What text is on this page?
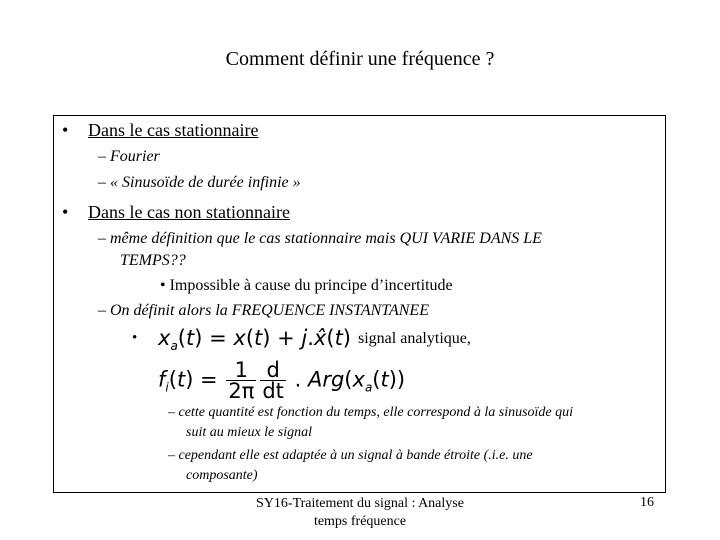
Comment définir une fréquence ?
• Dans le cas stationnaire
– Fourier
– « Sinusoïde de durée infinie »
• Dans le cas non stationnaire
– même définition que le cas stationnaire mais QUI VARIE DANS LE
TEMPS??
• Impossible à cause du principe d’incertitude
– On définit alors la FREQUENCE INSTANTANEE
• $x_a(t) = x(t)$ + j.x̂(t) signal analytique,
$f_i(t) = \frac{1}{2\pi} \frac{d}{dt}$ . $Arg(x_a(t))$
– cette quantité est fonction du temps, elle correspond à la sinusoïde qui
suit au mieux le signal
– cependant elle est adaptée à un signal à bande étroite (.i.e. une
composante)
SY16-Traitement du signal : Analyse
temps fréquence
16
